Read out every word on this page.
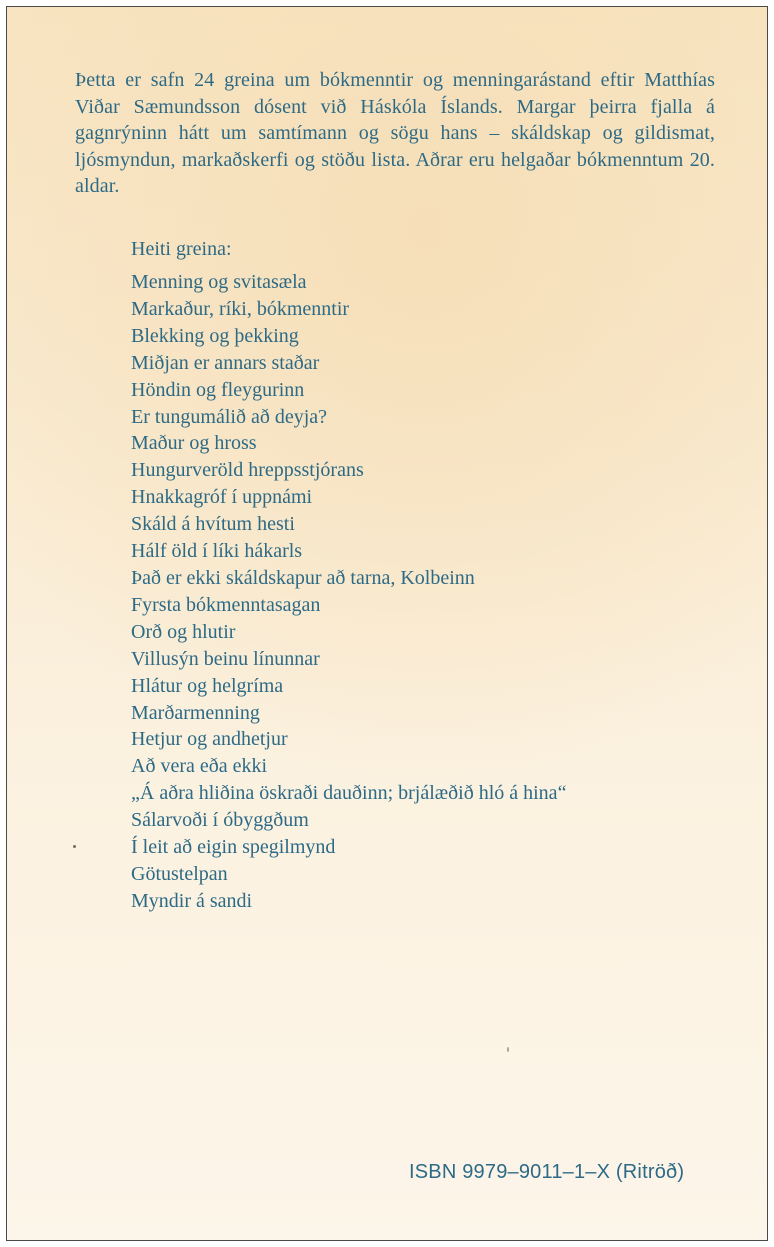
Þetta er safn 24 greina um bókmenntir og menningarástand eftir Matthías Viðar Sæmundsson dósent við Háskóla Íslands. Margar þeirra fjalla á gagnrýninn hátt um samtímann og sögu hans – skáldskap og gildismat, ljósmyndun, markaðskerfi og stöðu lista. Aðrar eru helgaðar bókmenntum 20. aldar.

Heiti greina:

Menning og svitasæla
Markaður, ríki, bókmenntir
Blekking og þekking
Miðjan er annars staðar
Höndin og fleygurinn
Er tungumálið að deyja?
Maður og hross
Hungurveröld hreppsstjórans
Hnakkagróf í uppnámi
Skáld á hvítum hesti
Hálf öld í líki hákarls
Það er ekki skáldskapur að tarna, Kolbeinn
Fyrsta bókmenntasagan
Orð og hlutir
Villusýn beinu línunnar
Hlátur og helgríma
Marðarmenning
Hetjur og andhetjur
Að vera eða ekki
„Á aðra hliðina öskraði dauðinn; brjálæðið hló á hina“
Sálarvoði í óbyggðum
Í leit að eigin spegilmynd
Götustelpan
Myndir á sandi

ISBN 9979–9011–1–X (Ritröð)
